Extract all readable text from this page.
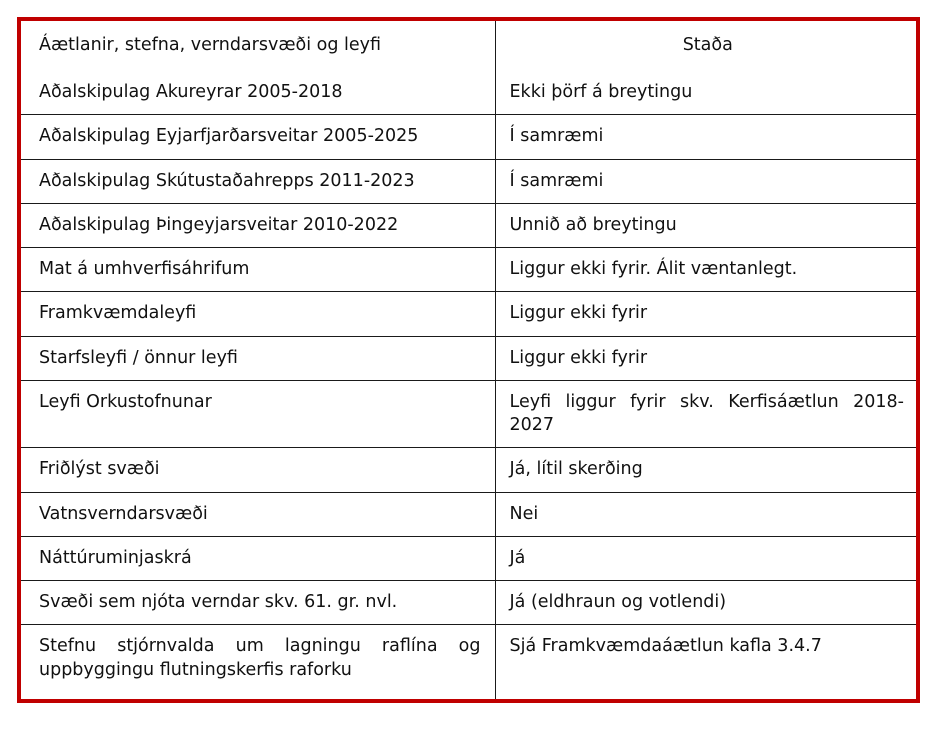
Áætlanir, stefna, verndarsvæði og leyfi	Staða
Aðalskipulag Akureyrar 2005-2018	Ekki þörf á breytingu
Aðalskipulag Eyjarfjarðarsveitar 2005-2025	Í samræmi
Aðalskipulag Skútustaðahrepps 2011-2023	Í samræmi
Aðalskipulag Þingeyjarsveitar 2010-2022	Unnið að breytingu
Mat á umhverfisáhrifum	Liggur ekki fyrir. Álit væntanlegt.
Framkvæmdaleyfi	Liggur ekki fyrir
Starfsleyfi / önnur leyfi	Liggur ekki fyrir
Leyfi Orkustofnunar	Leyfi liggur fyrir skv. Kerfisáætlun 2018-2027
Friðlýst svæði	Já, lítil skerðing
Vatnsverndarsvæði	Nei
Náttúruminjaskrá	Já
Svæði sem njóta verndar skv. 61. gr. nvl.	Já (eldhraun og votlendi)
Stefnu stjórnvalda um lagningu raflína og uppbyggingu flutningskerfis raforku	Sjá Framkvæmdaáætlun kafla 3.4.7
